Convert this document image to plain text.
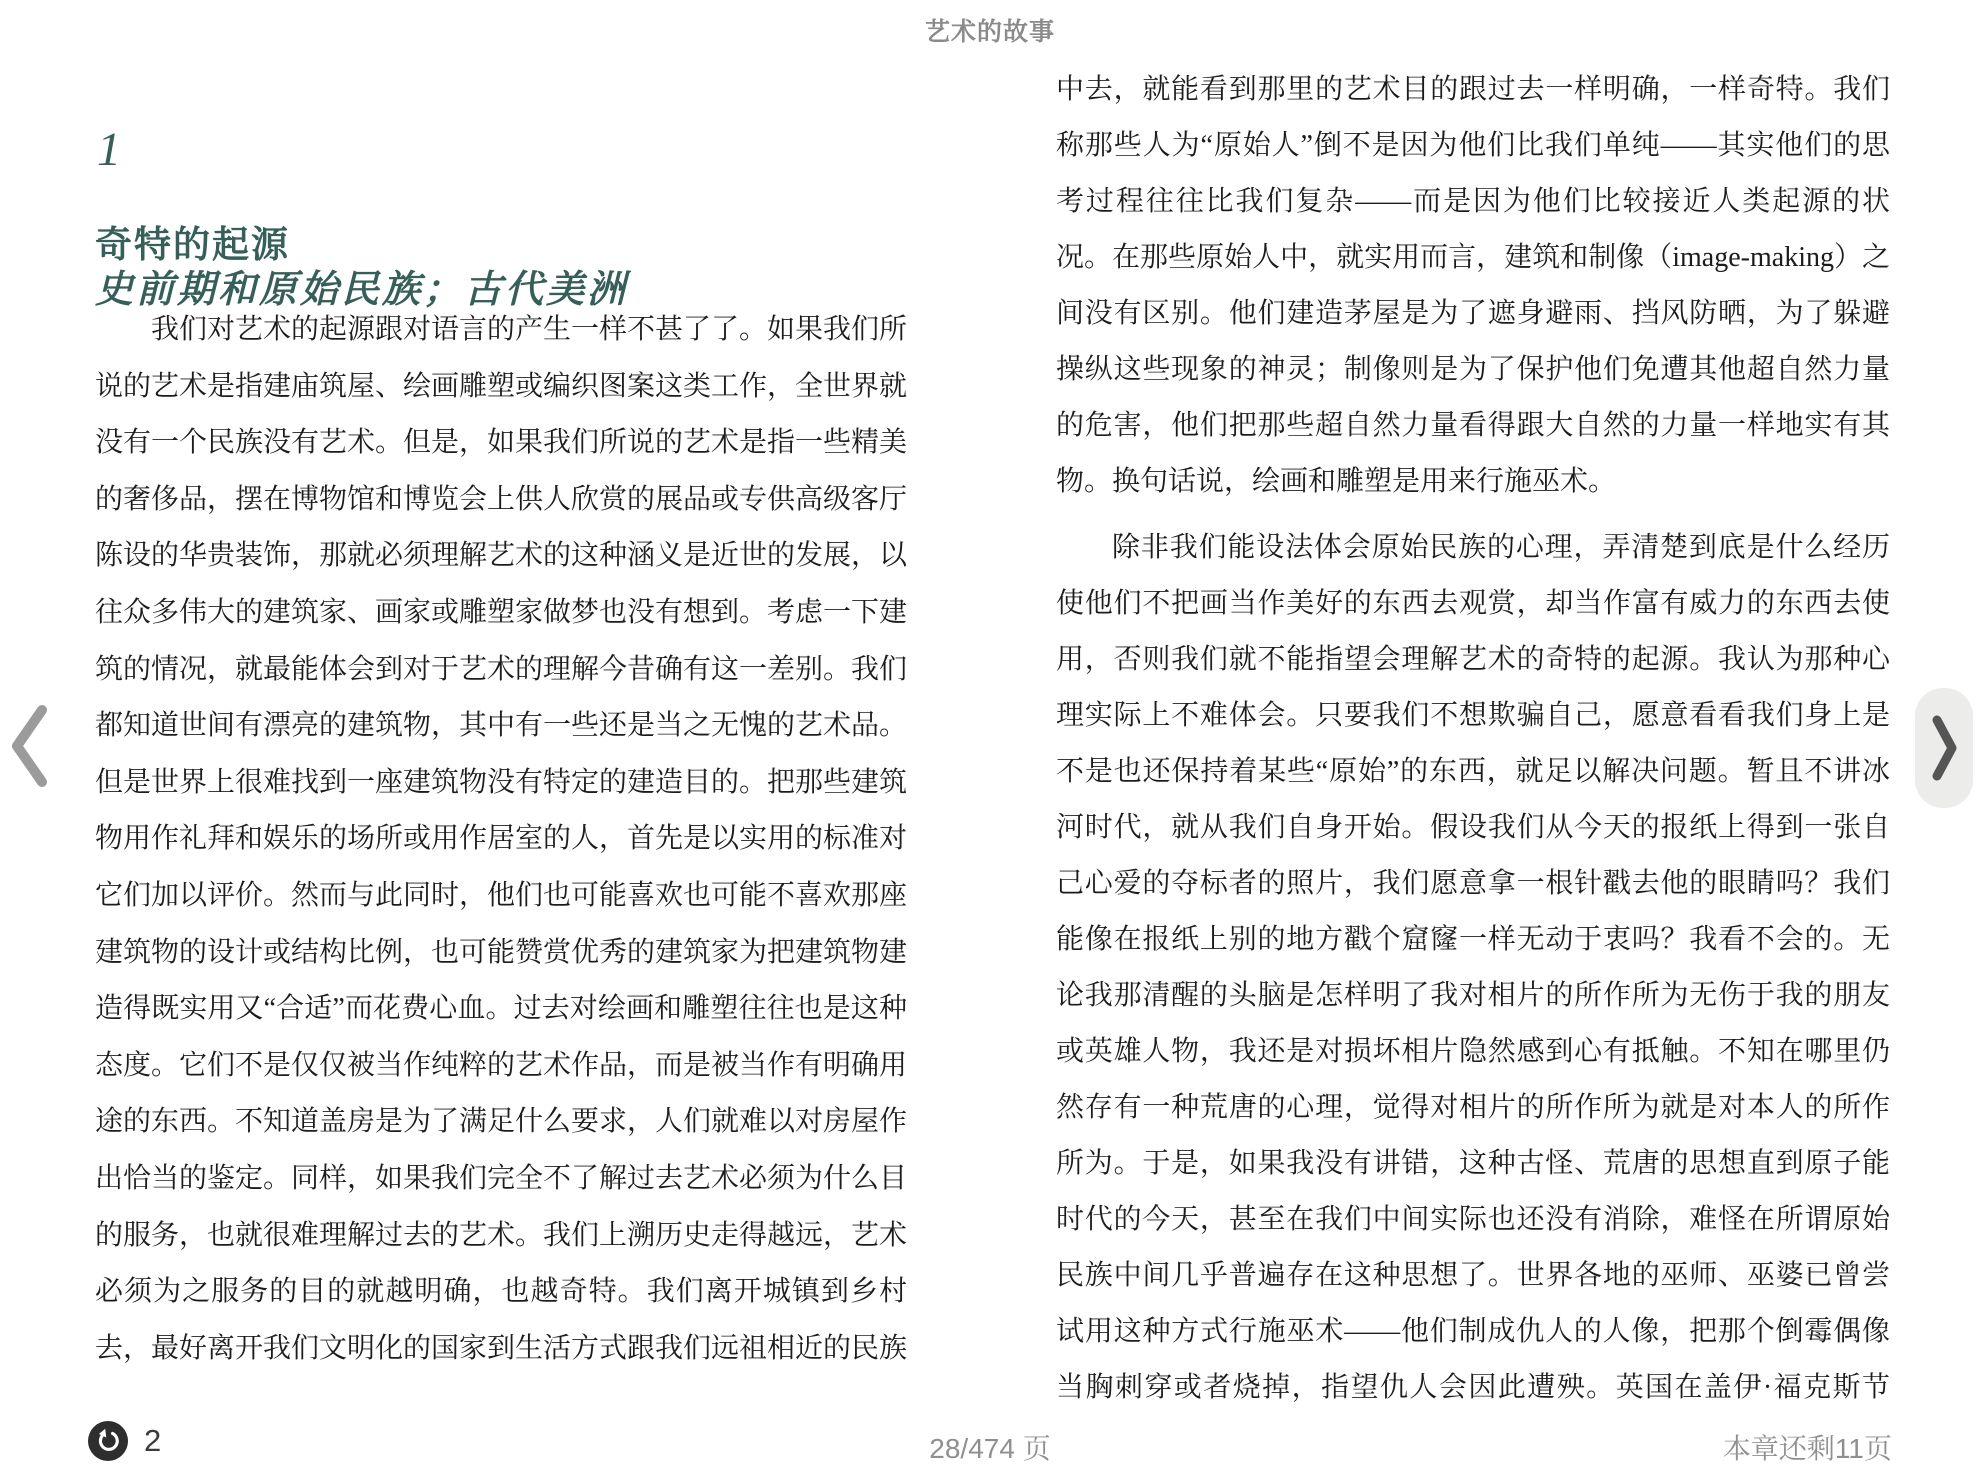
艺术的故事
1
奇特的起源
史前期和原始民族；古代美洲
我们对艺术的起源跟对语言的产生一样不甚了了。如果我们所
说的艺术是指建庙筑屋、绘画雕塑或编织图案这类工作，全世界就
没有一个民族没有艺术。但是，如果我们所说的艺术是指一些精美
的奢侈品，摆在博物馆和博览会上供人欣赏的展品或专供高级客厅
陈设的华贵装饰，那就必须理解艺术的这种涵义是近世的发展，以
往众多伟大的建筑家、画家或雕塑家做梦也没有想到。考虑一下建
筑的情况，就最能体会到对于艺术的理解今昔确有这一差别。我们
都知道世间有漂亮的建筑物，其中有一些还是当之无愧的艺术品。
但是世界上很难找到一座建筑物没有特定的建造目的。把那些建筑
物用作礼拜和娱乐的场所或用作居室的人，首先是以实用的标准对
它们加以评价。然而与此同时，他们也可能喜欢也可能不喜欢那座
建筑物的设计或结构比例，也可能赞赏优秀的建筑家为把建筑物建
造得既实用又“合适”而花费心血。过去对绘画和雕塑往往也是这种
态度。它们不是仅仅被当作纯粹的艺术作品，而是被当作有明确用
途的东西。不知道盖房是为了满足什么要求，人们就难以对房屋作
出恰当的鉴定。同样，如果我们完全不了解过去艺术必须为什么目
的服务，也就很难理解过去的艺术。我们上溯历史走得越远，艺术
必须为之服务的目的就越明确，也越奇特。我们离开城镇到乡村
去，最好离开我们文明化的国家到生活方式跟我们远祖相近的民族
中去，就能看到那里的艺术目的跟过去一样明确，一样奇特。我们
称那些人为“原始人”倒不是因为他们比我们单纯——其实他们的思
考过程往往比我们复杂——而是因为他们比较接近人类起源的状
况。在那些原始人中，就实用而言，建筑和制像（image-making）之
间没有区别。他们建造茅屋是为了遮身避雨、挡风防晒，为了躲避
操纵这些现象的神灵；制像则是为了保护他们免遭其他超自然力量
的危害，他们把那些超自然力量看得跟大自然的力量一样地实有其
物。换句话说，绘画和雕塑是用来行施巫术。
除非我们能设法体会原始民族的心理，弄清楚到底是什么经历
使他们不把画当作美好的东西去观赏，却当作富有威力的东西去使
用，否则我们就不能指望会理解艺术的奇特的起源。我认为那种心
理实际上不难体会。只要我们不想欺骗自己，愿意看看我们身上是
不是也还保持着某些“原始”的东西，就足以解决问题。暂且不讲冰
河时代，就从我们自身开始。假设我们从今天的报纸上得到一张自
己心爱的夺标者的照片，我们愿意拿一根针戳去他的眼睛吗？我们
能像在报纸上别的地方戳个窟窿一样无动于衷吗？我看不会的。无
论我那清醒的头脑是怎样明了我对相片的所作所为无伤于我的朋友
或英雄人物，我还是对损坏相片隐然感到心有抵触。不知在哪里仍
然存有一种荒唐的心理，觉得对相片的所作所为就是对本人的所作
所为。于是，如果我没有讲错，这种古怪、荒唐的思想直到原子能
时代的今天，甚至在我们中间实际也还没有消除，难怪在所谓原始
民族中间几乎普遍存在这种思想了。世界各地的巫师、巫婆已曾尝
试用这种方式行施巫术——他们制成仇人的人像，把那个倒霉偶像
当胸刺穿或者烧掉，指望仇人会因此遭殃。英国在盖伊·福克斯节
2	28/474 页	本章还剩11页
